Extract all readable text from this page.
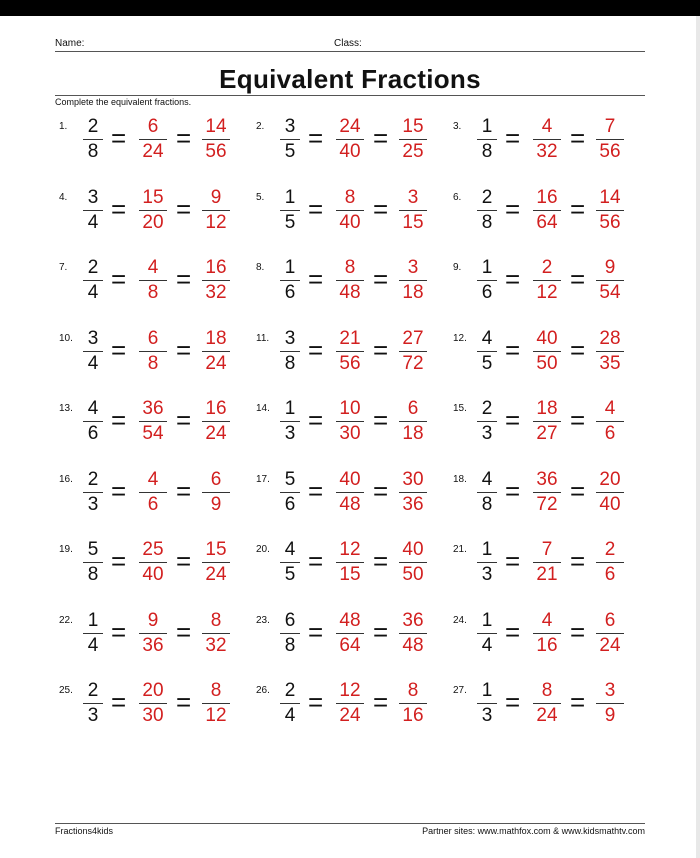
Name:	Class:
Equivalent Fractions
Complete the equivalent fractions.
1.	2
8 =	6
24 = 14
56
2.	3
5 = 24
40 = 15
25
3.	1
8 =	4
32 =	7
56
4.	3
4 = 15
20 =	9
12
5.	1
5 =	8
40 =	3
15
6.	2
8 = 16
64 = 14
56
7.	2
4 =	4
8 = 16
32
8.	1
6 =	8
48 =	3
18
9.	1
6 =	2
12 =	9
54
10. 3
4 =	6
8 = 18
24
11. 3
8 = 21
56 = 27
72
12. 4
5 = 40
50 = 28
35
13. 4
6 = 36
54 = 16
24
14. 1
3 = 10
30 =	6
18
15. 2
3 = 18
27 =	4
6
16. 2
3 =	4
6 =	6
9
17. 5
6 = 40
48 = 30
36
18. 4
8 = 36
72 = 20
40
19. 5
8 = 25
40 = 15
24
20. 4
5 = 12
15 = 40
50
21. 1
3 =	7
21 =	2
6
22. 1
4 =	9
36 =	8
32
23. 6
8 = 48
64 = 36
48
24. 1
4 =	4
16 =	6
24
25. 2
3 = 20
30 =	8
12
26. 2
4 = 12
24 =	8
16
27. 1
3 =	8
24 =	3
9
Fractions4kids	Partner sites: www.mathfox.com & www.kidsmathtv.com
